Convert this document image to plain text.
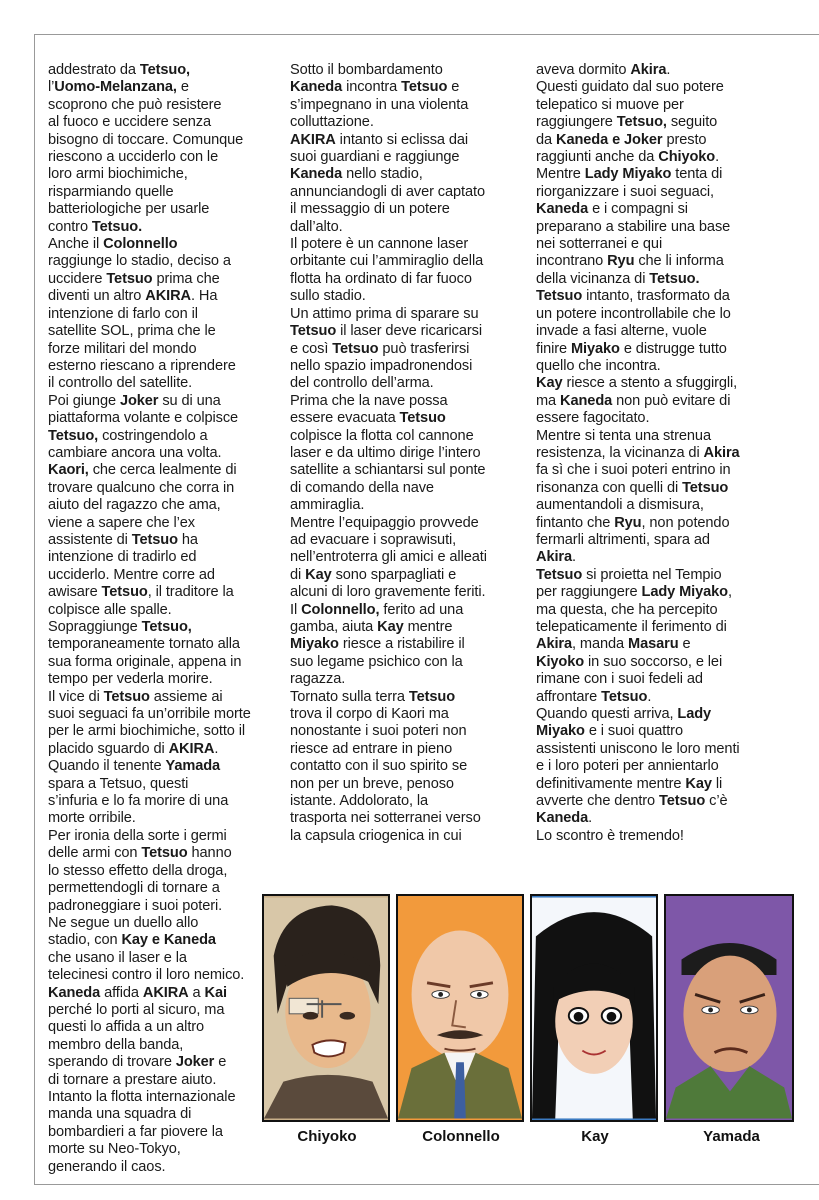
addestrato da Tetsuo,

l’Uomo-Melanzana, e

scoprono che può resistere

al fuoco e uccidere senza

bisogno di toccare. Comunque

riescono a ucciderlo con le

loro armi biochimiche,

risparmiando quelle

batteriologiche per usarle

contro Tetsuo.

Anche il Colonnello

raggiunge lo stadio, deciso a

uccidere Tetsuo prima che

diventi un altro AKIRA. Ha

intenzione di farlo con il

satellite SOL, prima che le

forze militari del mondo

esterno riescano a riprendere

il controllo del satellite.

Poi giunge Joker su di una

piattaforma volante e colpisce

Tetsuo, costringendolo a

cambiare ancora una volta.

Kaori, che cerca lealmente di

trovare qualcuno che corra in

aiuto del ragazzo che ama,

viene a sapere che l’ex

assistente di Tetsuo ha

intenzione di tradirlo ed

ucciderlo. Mentre corre ad

awisare Tetsuo, il traditore la

colpisce alle spalle.

Sopraggiunge Tetsuo,

temporaneamente tornato alla

sua forma originale, appena in

tempo per vederla morire.

Il vice di Tetsuo assieme ai

suoi seguaci fa un’orribile morte

per le armi biochimiche, sotto il

placido sguardo di AKIRA.

Quando il tenente Yamada

spara a Tetsuo, questi

s’infuria e lo fa morire di una

morte orribile.

Per ironia della sorte i germi

delle armi con Tetsuo hanno

lo stesso effetto della droga,

permettendogli di tornare a

padroneggiare i suoi poteri.

Ne segue un duello allo

stadio, con Kay e Kaneda

che usano il laser e la

telecinesi contro il loro nemico.

Kaneda affida AKIRA a Kai

perché lo porti al sicuro, ma

questi lo affida a un altro

membro della banda,

sperando di trovare Joker e

di tornare a prestare aiuto.

Intanto la flotta internazionale

manda una squadra di

bombardieri a far piovere la

morte su Neo-Tokyo,

generando il caos.

Sotto il bombardamento

Kaneda incontra Tetsuo e

s’impegnano in una violenta

colluttazione.

AKIRA intanto si eclissa dai

suoi guardiani e raggiunge

Kaneda nello stadio,

annunciandogli di aver captato

il messaggio di un potere

dall’alto.

Il potere è un cannone laser

orbitante cui l’ammiraglio della

flotta ha ordinato di far fuoco

sullo stadio.

Un attimo prima di sparare su

Tetsuo il laser deve ricaricarsi

e così Tetsuo può trasferirsi

nello spazio impadronendosi

del controllo dell’arma.

Prima che la nave possa

essere evacuata Tetsuo

colpisce la flotta col cannone

laser e da ultimo dirige l’intero

satellite a schiantarsi sul ponte

di comando della nave

ammiraglia.

Mentre l’equipaggio provvede

ad evacuare i soprawisuti,

nell’entroterra gli amici e alleati

di Kay sono sparpagliati e

alcuni di loro gravemente feriti.

Il Colonnello, ferito ad una

gamba, aiuta Kay mentre

Miyako riesce a ristabilire il

suo legame psichico con la

ragazza.

Tornato sulla terra Tetsuo

trova il corpo di Kaori ma

nonostante i suoi poteri non

riesce ad entrare in pieno

contatto con il suo spirito se

non per un breve, penoso

istante. Addolorato, la

trasporta nei sotterranei verso

la capsula criogenica in cui

aveva dormito Akira.

Questi guidato dal suo potere

telepatico si muove per

raggiungere Tetsuo, seguito

da Kaneda e Joker presto

raggiunti anche da Chiyoko.

Mentre Lady Miyako tenta di

riorganizzare i suoi seguaci,

Kaneda e i compagni si

preparano a stabilire una base

nei sotterranei e qui

incontrano Ryu che li informa

della vicinanza di Tetsuo.

Tetsuo intanto, trasformato da

un potere incontrollabile che lo

invade a fasi alterne, vuole

finire Miyako e distrugge tutto

quello che incontra.

Kay riesce a stento a sfuggirgli,

ma Kaneda non può evitare di

essere fagocitato.

Mentre si tenta una strenua

resistenza, la vicinanza di Akira

fa sì che i suoi poteri entrino in

risonanza con quelli di Tetsuo

aumentandoli a dismisura,

fintanto che Ryu, non potendo

fermarli altrimenti, spara ad

Akira.

Tetsuo si proietta nel Tempio

per raggiungere Lady Miyako,

ma questa, che ha percepito

telepaticamente il ferimento di

Akira, manda Masaru e

Kiyoko in suo soccorso, e lei

rimane con i suoi fedeli ad

affrontare Tetsuo.

Quando questi arriva, Lady

Miyako e i suoi quattro

assistenti uniscono le loro menti

e i loro poteri per annientarlo

definitivamente mentre Kay li

avverte che dentro Tetsuo c’è

Kaneda.

Lo scontro è tremendo!

Chiyoko	Colonnello	Kay	Yamada
